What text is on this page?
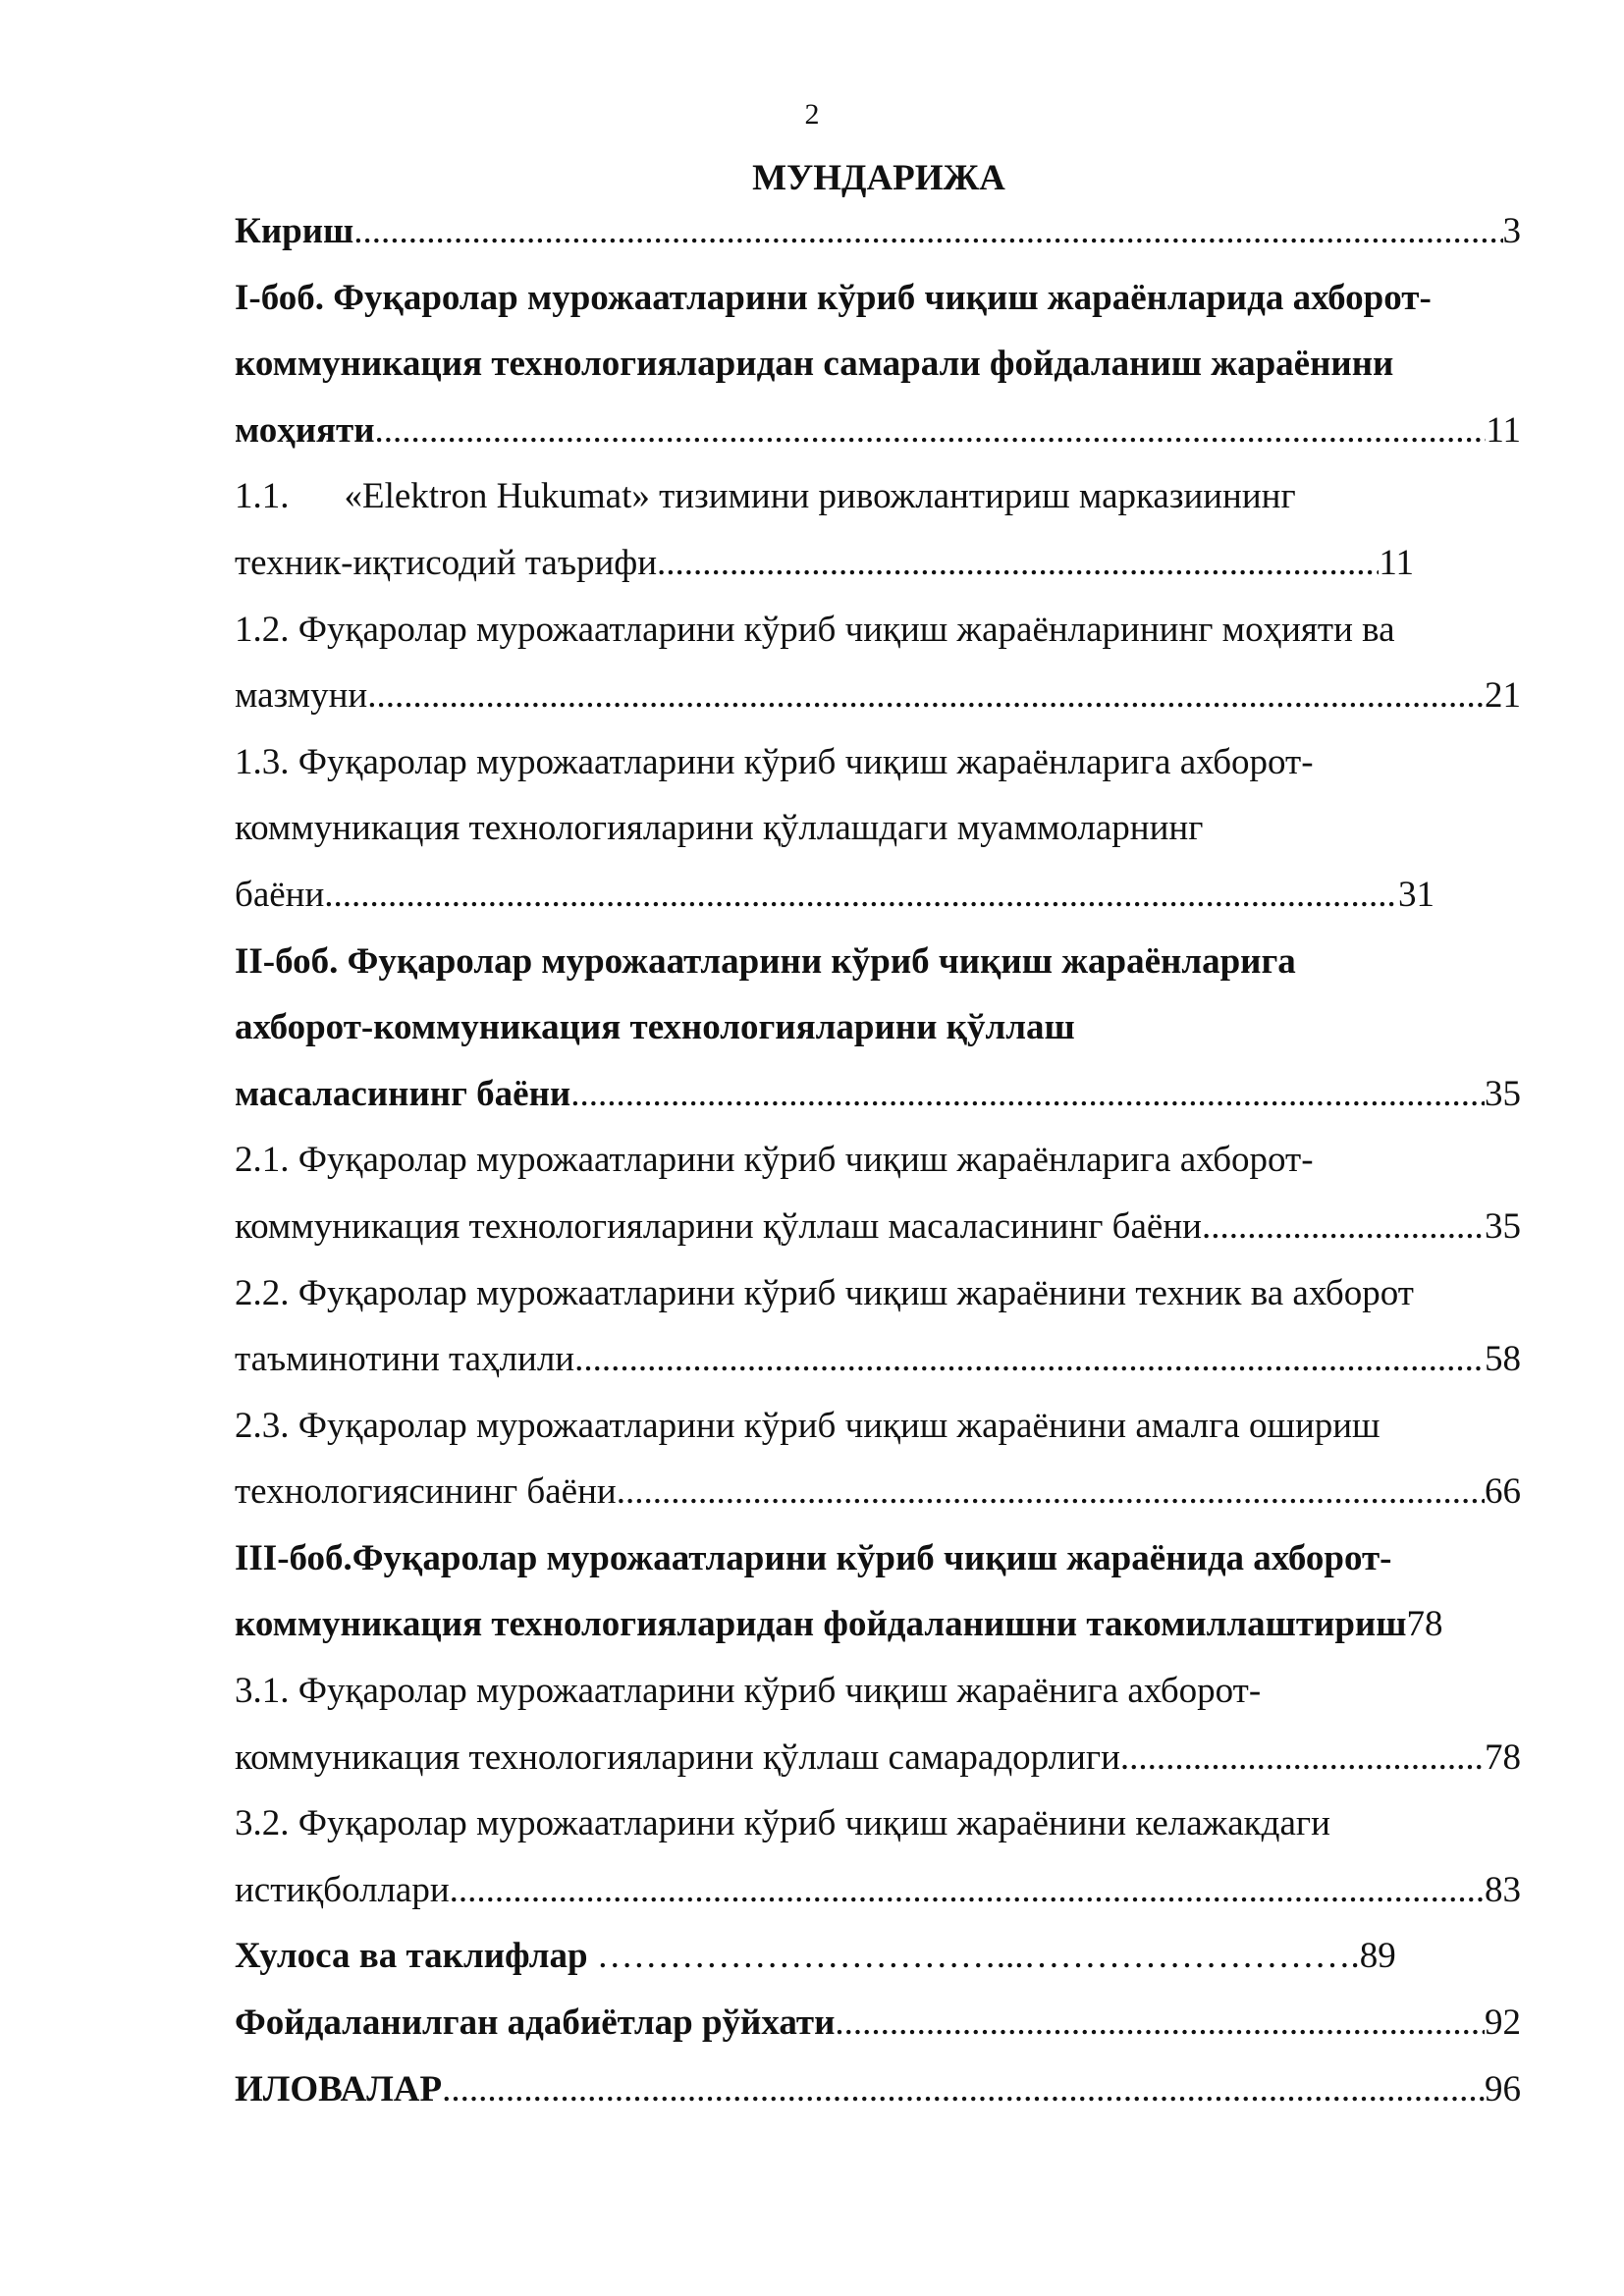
2
МУНДАРИЖА
Кириш .....	3
I-боб. Фуқаролар мурожаатларини кўриб чиқиш жараёнларида ахборот-
коммуникация технологияларидан самарали фойдаланиш жараёнини
моҳияти .....	11
1.1. «Elektron Hukumat» тизимини ривожлантириш марказиининг
техник-иқтисодий таърифи .....	11
1.2. Фуқаролар мурожаатларини кўриб чиқиш жараёнларининг моҳияти ва
мазмуни .....	21
1.3. Фуқаролар мурожаатларини кўриб чиқиш жараёнларига ахборот-
коммуникация технологияларини қўллашдаги муаммоларнинг
баёни .....	31
II-боб. Фуқаролар мурожаатларини кўриб чиқиш жараёнларига
ахборот-коммуникация технологияларини қўллаш
масаласининг баёни .....	35
2.1. Фуқаролар мурожаатларини кўриб чиқиш жараёнларига ахборот-
коммуникация технологияларини қўллаш масаласининг баёни .....	35
2.2. Фуқаролар мурожаатларини кўриб чиқиш жараёнини техник ва ахборот
таъминотини таҳлили .....	58
2.3. Фуқаролар мурожаатларини кўриб чиқиш жараёнини амалга ошириш
технологиясининг баёни .....	66
III-боб.Фуқаролар мурожаатларини кўриб чиқиш жараёнида ахборот-
коммуникация технологияларидан фойдаланишни такомиллаштириш78
3.1. Фуқаролар мурожаатларини кўриб чиқиш жараёнига ахборот-
коммуникация технологияларини қўллаш самарадорлиги .....	78
3.2. Фуқаролар мурожаатларини кўриб чиқиш жараёнини келажакдаги
истиқболлари .....	83
Хулоса ва таклифлар ……………………………...……………………….89
Фойдаланилган адабиётлар рўйхати .....	92
ИЛОВАЛАР .....	96
